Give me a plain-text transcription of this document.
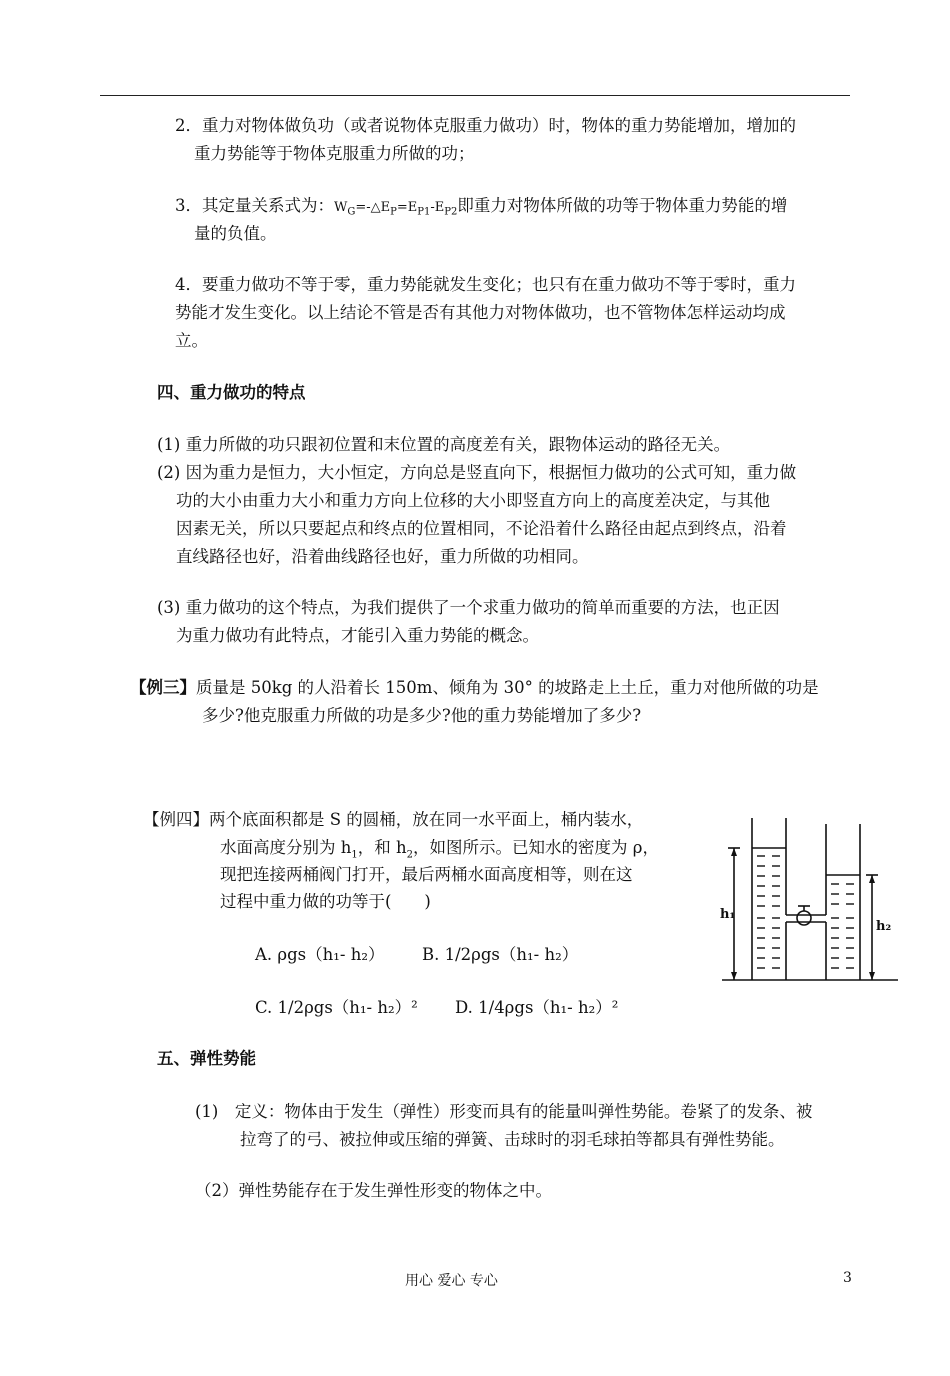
2．重力对物体做负功（或者说物体克服重力做功）时，物体的重力势能增加，增加的
重力势能等于物体克服重力所做的功；
3．其定量关系式为：$W_G=-\triangle E_P=E_{P1}-E_{P2}$即重力对物体所做的功等于物体重力势能的增
量的负值。
4．要重力做功不等于零，重力势能就发生变化；也只有在重力做功不等于零时，重力
势能才发生变化。以上结论不管是否有其他力对物体做功，也不管物体怎样运动均成
立。
四、重力做功的特点
(1) 重力所做的功只跟初位置和末位置的高度差有关，跟物体运动的路径无关。
(2) 因为重力是恒力，大小恒定，方向总是竖直向下，根据恒力做功的公式可知，重力做
功的大小由重力大小和重力方向上位移的大小即竖直方向上的高度差决定，与其他
因素无关，所以只要起点和终点的位置相同，不论沿着什么路径由起点到终点，沿着
直线路径也好，沿着曲线路径也好，重力所做的功相同。
(3) 重力做功的这个特点，为我们提供了一个求重力做功的简单而重要的方法，也正因
为重力做功有此特点，才能引入重力势能的概念。
【例三】质量是 50kg 的人沿着长 150m、倾角为 30° 的坡路走上土丘，重力对他所做的功是
多少?他克服重力所做的功是多少?他的重力势能增加了多少?
【例四】两个底面积都是 S 的圆桶，放在同一水平面上，桶内装水，
水面高度分别为 $h_1$，和 $h_2$，如图所示。已知水的密度为 ρ，
现把连接两桶阀门打开，最后两桶水面高度相等，则在这
过程中重力做的功等于(　　)
A. ρgs（h₁- h₂） B. 1/2ρgs（h₁- h₂）
C. 1/2ρgs（h₁- h₂）² D. 1/4ρgs（h₁- h₂）²
h₁
h₂
五、弹性势能
(1)　定义：物体由于发生（弹性）形变而具有的能量叫弹性势能。卷紧了的发条、被
拉弯了的弓、被拉伸或压缩的弹簧、击球时的羽毛球拍等都具有弹性势能。
（2）弹性势能存在于发生弹性形变的物体之中。
用心 爱心 专心	3
